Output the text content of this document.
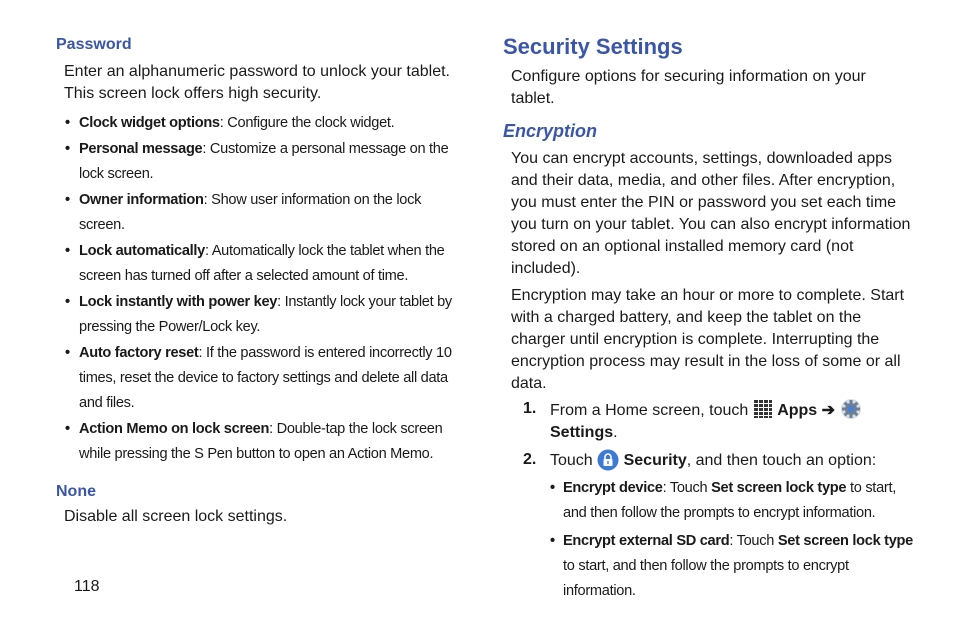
Password

Enter an alphanumeric password to unlock your tablet. This screen lock offers high security.

• Clock widget options: Configure the clock widget.
• Personal message: Customize a personal message on the lock screen.
• Owner information: Show user information on the lock screen.
• Lock automatically: Automatically lock the tablet when the screen has turned off after a selected amount of time.
• Lock instantly with power key: Instantly lock your tablet by pressing the Power/Lock key.
• Auto factory reset: If the password is entered incorrectly 10 times, reset the device to factory settings and delete all data and files.
• Action Memo on lock screen: Double-tap the lock screen while pressing the S Pen button to open an Action Memo.
None

Disable all screen lock settings.

Security Settings

Configure options for securing information on your tablet.

Encryption

You can encrypt accounts, settings, downloaded apps and their data, media, and other files. After encryption, you must enter the PIN or password you set each time you turn on your tablet. You can also encrypt information stored on an optional installed memory card (not included).

Encryption may take an hour or more to complete. Start with a charged battery, and keep the tablet on the charger until encryption is complete. Interrupting the encryption process may result in the loss of some or all data.

1. From a Home screen, touch  Apps ➔  Settings.
2. Touch  Security, and then touch an option:
• Encrypt device: Touch Set screen lock type to start, and then follow the prompts to encrypt information.
• Encrypt external SD card: Touch Set screen lock type to start, and then follow the prompts to encrypt information.
118
